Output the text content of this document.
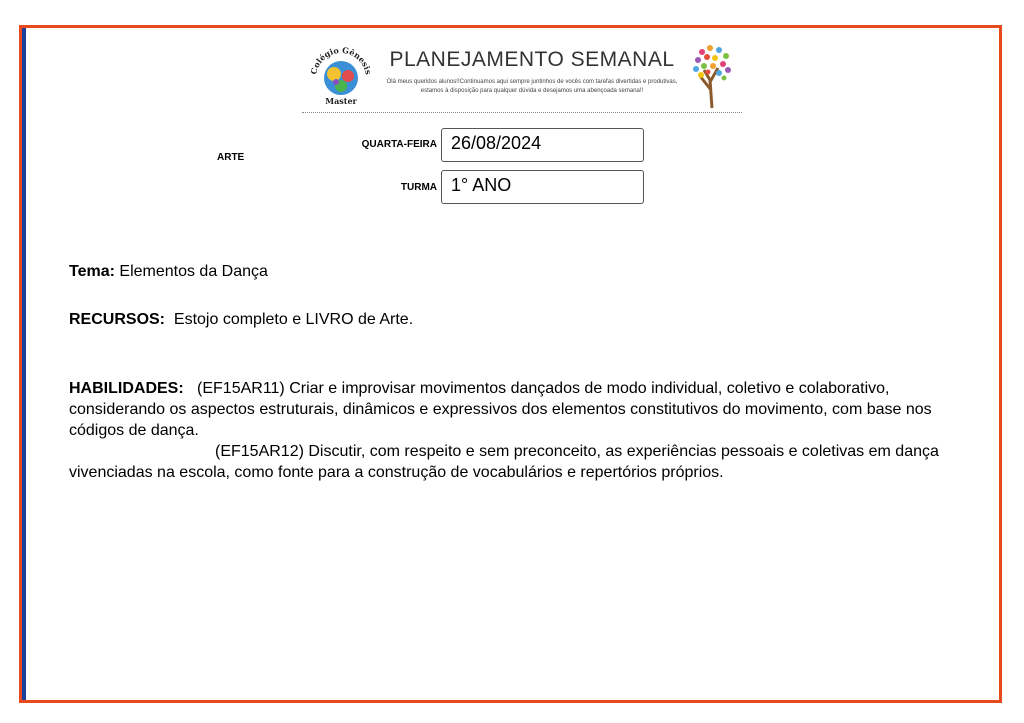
Colégio Gênesis
Master
PLANEJAMENTO SEMANAL
Olá meus queridos alunos!!Continuamos aqui sempre juntinhos de vocês com tarefas divertidas e produtivas, estamos à disposição para qualquer dúvida e desejamos uma abençoada semana!!
ARTE
QUARTA-FEIRA 26/08/2024
TURMA 1° ANO
Tema: Elementos da Dança
RECURSOS: Estojo completo e LIVRO de Arte.
HABILIDADES: (EF15AR11) Criar e improvisar movimentos dançados de modo individual, coletivo e colaborativo, considerando os aspectos estruturais, dinâmicos e expressivos dos elementos constitutivos do movimento, com base nos códigos de dança.
(EF15AR12) Discutir, com respeito e sem preconceito, as experiências pessoais e coletivas em dança vivenciadas na escola, como fonte para a construção de vocabulários e repertórios próprios.
